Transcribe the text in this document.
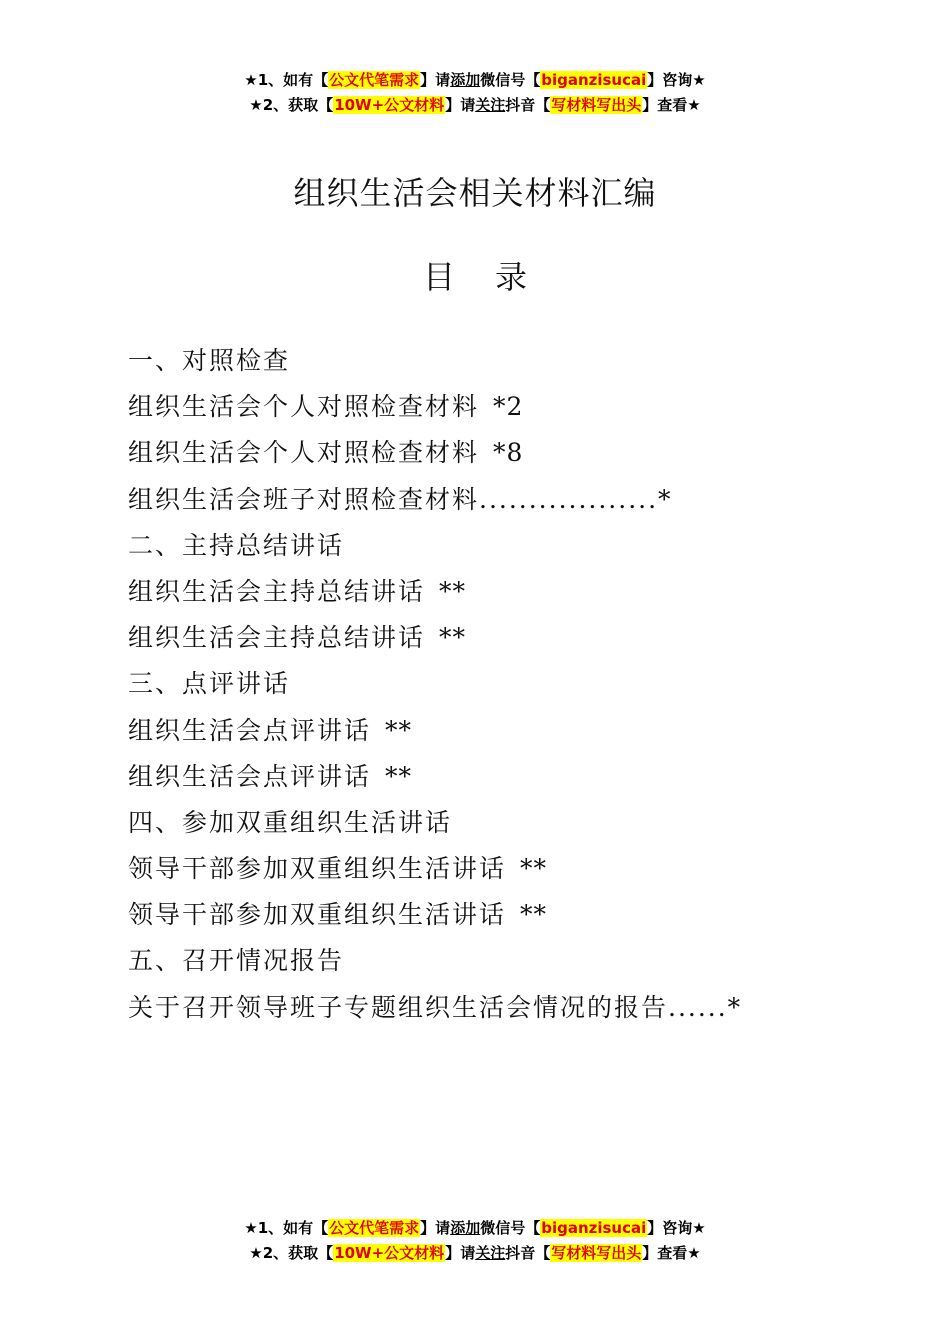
★1、如有【公文代笔需求】请添加微信号【biganzisucai】咨询★
★2、获取【10W+公文材料】请关注抖音【写材料写出头】查看★
组织生活会相关材料汇编
目录
一、对照检查
组织生活会个人对照检查材料 *2
组织生活会个人对照检查材料 *8
组织生活会班子对照检查材料..................*
二、主持总结讲话
组织生活会主持总结讲话 **
组织生活会主持总结讲话 **
三、点评讲话
组织生活会点评讲话 **
组织生活会点评讲话 **
四、参加双重组织生活讲话
领导干部参加双重组织生活讲话 **
领导干部参加双重组织生活讲话 **
五、召开情况报告
关于召开领导班子专题组织生活会情况的报告......*
★1、如有【公文代笔需求】请添加微信号【biganzisucai】咨询★
★2、获取【10W+公文材料】请关注抖音【写材料写出头】查看★
